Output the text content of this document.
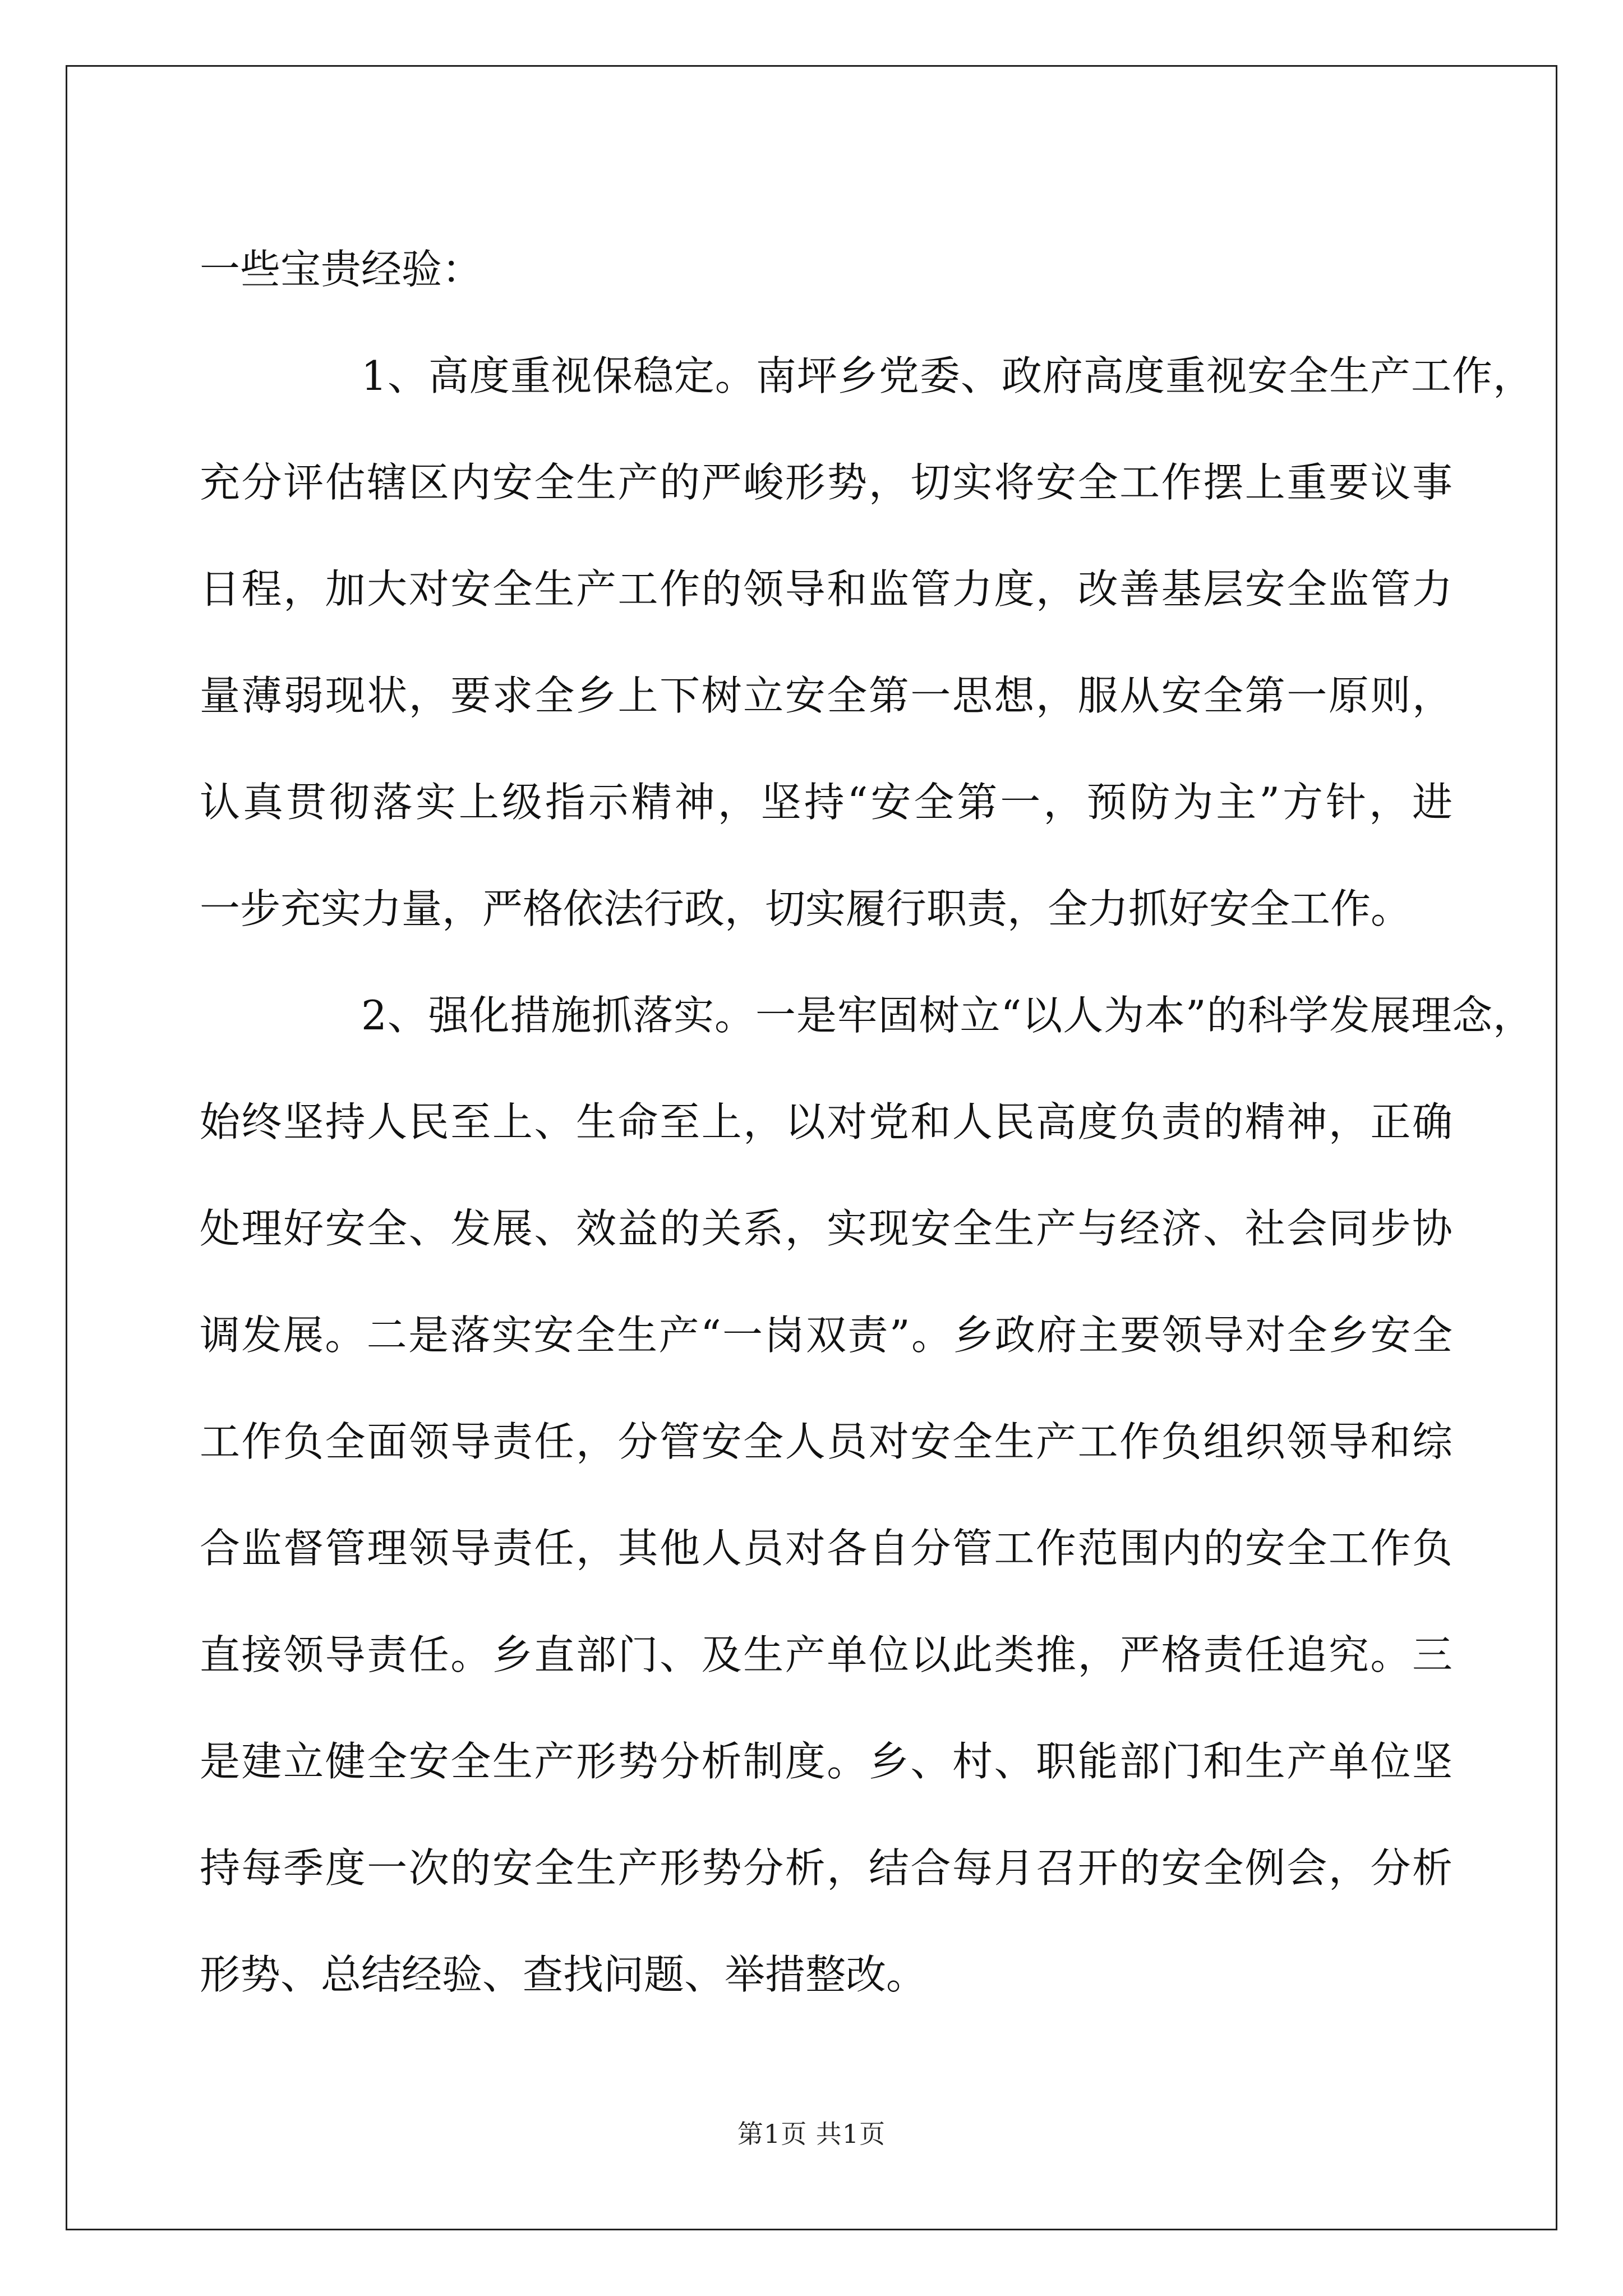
一些宝贵经验：

1、高度重视保稳定。南坪乡党委、政府高度重视安全生产工作，
充分评估辖区内安全生产的严峻形势，切实将安全工作摆上重要议事
日程，加大对安全生产工作的领导和监管力度，改善基层安全监管力
量薄弱现状，要求全乡上下树立安全第一思想，服从安全第一原则，
认真贯彻落实上级指示精神，坚持“安全第一，预防为主”方针，进
一步充实力量，严格依法行政，切实履行职责，全力抓好安全工作。

2、强化措施抓落实。一是牢固树立“以人为本”的科学发展理念，
始终坚持人民至上、生命至上，以对党和人民高度负责的精神，正确
处理好安全、发展、效益的关系，实现安全生产与经济、社会同步协
调发展。二是落实安全生产“一岗双责”。乡政府主要领导对全乡安全
工作负全面领导责任，分管安全人员对安全生产工作负组织领导和综
合监督管理领导责任，其他人员对各自分管工作范围内的安全工作负
直接领导责任。乡直部门、及生产单位以此类推，严格责任追究。三
是建立健全安全生产形势分析制度。乡、村、职能部门和生产单位坚
持每季度一次的安全生产形势分析，结合每月召开的安全例会，分析
形势、总结经验、查找问题、举措整改。

第1页 共1页
